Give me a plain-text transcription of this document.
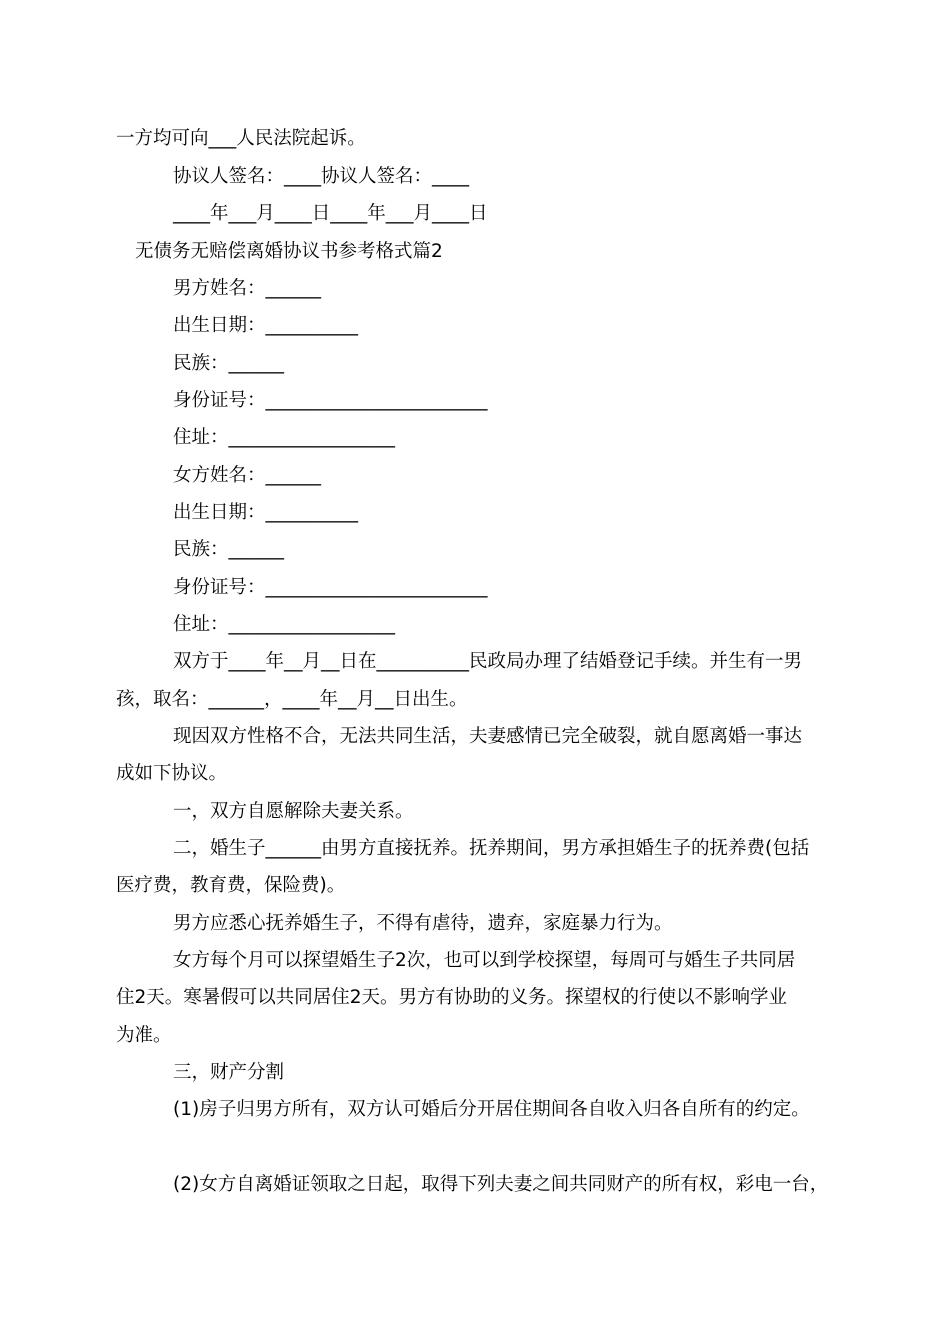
一方均可向___人民法院起诉。
协议人签名：____协议人签名：____
____年___月____日____年___月____日
无债务无赔偿离婚协议书参考格式篇2
男方姓名：______
出生日期：__________
民族：______
身份证号：________________________
住址：__________________
女方姓名：______
出生日期：__________
民族：______
身份证号：________________________
住址：__________________
双方于____年__月__日在__________民政局办理了结婚登记手续。并生有一男
孩，取名：______，____年__月__日出生。
现因双方性格不合，无法共同生活，夫妻感情已完全破裂，就自愿离婚一事达
成如下协议。
一，双方自愿解除夫妻关系。
二，婚生子______由男方直接抚养。抚养期间，男方承担婚生子的抚养费(包括
医疗费，教育费，保险费)。
男方应悉心抚养婚生子，不得有虐待，遗弃，家庭暴力行为。
女方每个月可以探望婚生子2次，也可以到学校探望，每周可与婚生子共同居
住2天。寒暑假可以共同居住2天。男方有协助的义务。探望权的行使以不影响学业
为准。
三，财产分割
(1)房子归男方所有，双方认可婚后分开居住期间各自收入归各自所有的约定。
(2)女方自离婚证领取之日起，取得下列夫妻之间共同财产的所有权，彩电一台，
